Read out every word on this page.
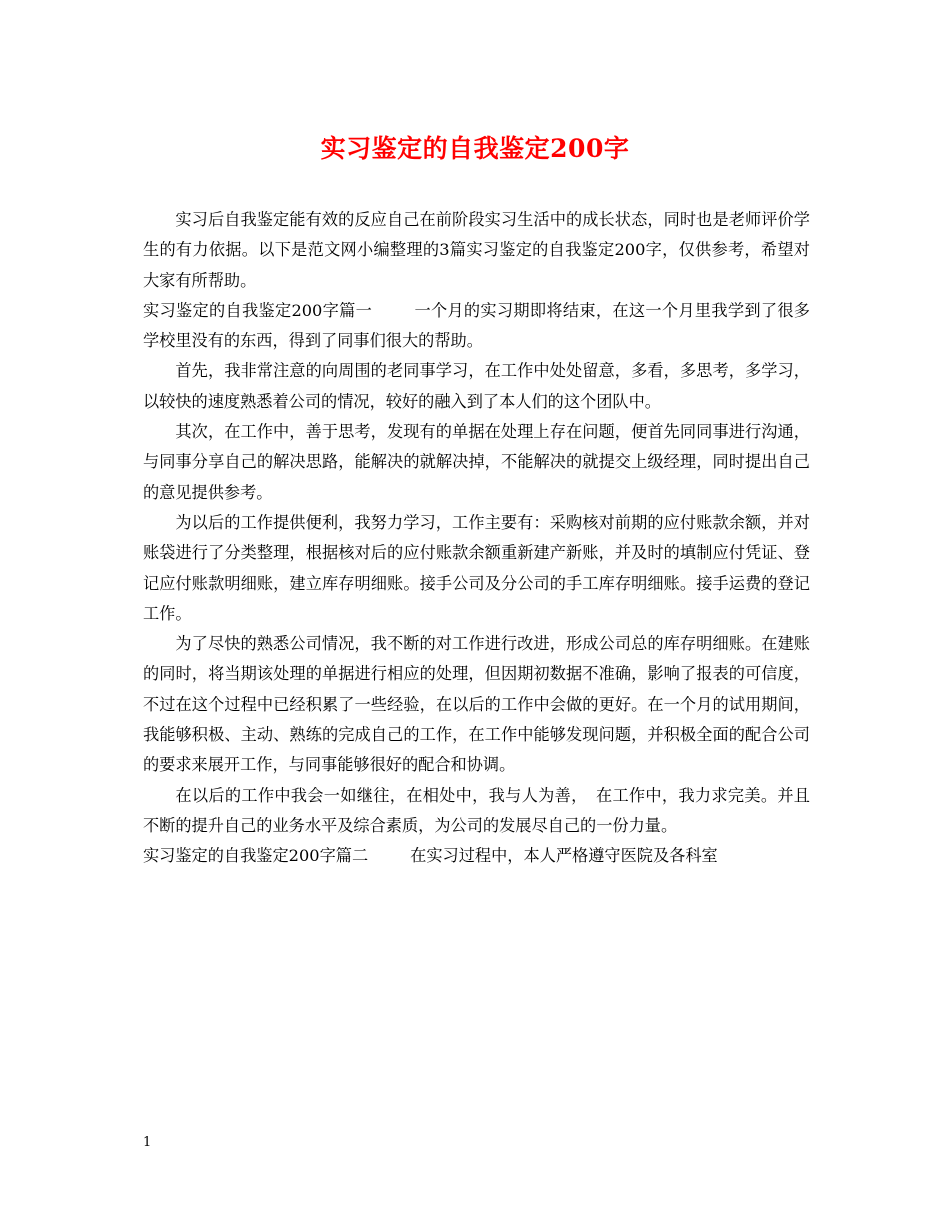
实习鉴定的自我鉴定200字

实习后自我鉴定能有效的反应自己在前阶段实习生活中的成长状态，同时也是老师评价学生的有力依据。以下是范文网小编整理的3篇实习鉴定的自我鉴定200字，仅供参考，希望对大家有所帮助。

实习鉴定的自我鉴定200字篇一	一个月的实习期即将结束，在这一个月里我学到了很多学校里没有的东西，得到了同事们很大的帮助。

首先，我非常注意的向周围的老同事学习，在工作中处处留意，多看，多思考，多学习，以较快的速度熟悉着公司的情况，较好的融入到了本人们的这个团队中。

其次，在工作中，善于思考，发现有的单据在处理上存在问题，便首先同同事进行沟通，与同事分享自己的解决思路，能解决的就解决掉，不能解决的就提交上级经理，同时提出自己的意见提供参考。

为以后的工作提供便利，我努力学习，工作主要有：采购核对前期的应付账款余额，并对账袋进行了分类整理，根据核对后的应付账款余额重新建产新账，并及时的填制应付凭证、登记应付账款明细账，建立库存明细账。接手公司及分公司的手工库存明细账。接手运费的登记工作。

为了尽快的熟悉公司情况，我不断的对工作进行改进，形成公司总的库存明细账。在建账的同时，将当期该处理的单据进行相应的处理，但因期初数据不准确，影响了报表的可信度，不过在这个过程中已经积累了一些经验，在以后的工作中会做的更好。在一个月的试用期间，我能够积极、主动、熟练的完成自己的工作，在工作中能够发现问题，并积极全面的配合公司的要求来展开工作，与同事能够很好的配合和协调。

在以后的工作中我会一如继往，在相处中，我与人为善，　在工作中，我力求完美。并且不断的提升自己的业务水平及综合素质，为公司的发展尽自己的一份力量。

实习鉴定的自我鉴定200字篇二	在实习过程中，本人严格遵守医院及各科室

1
